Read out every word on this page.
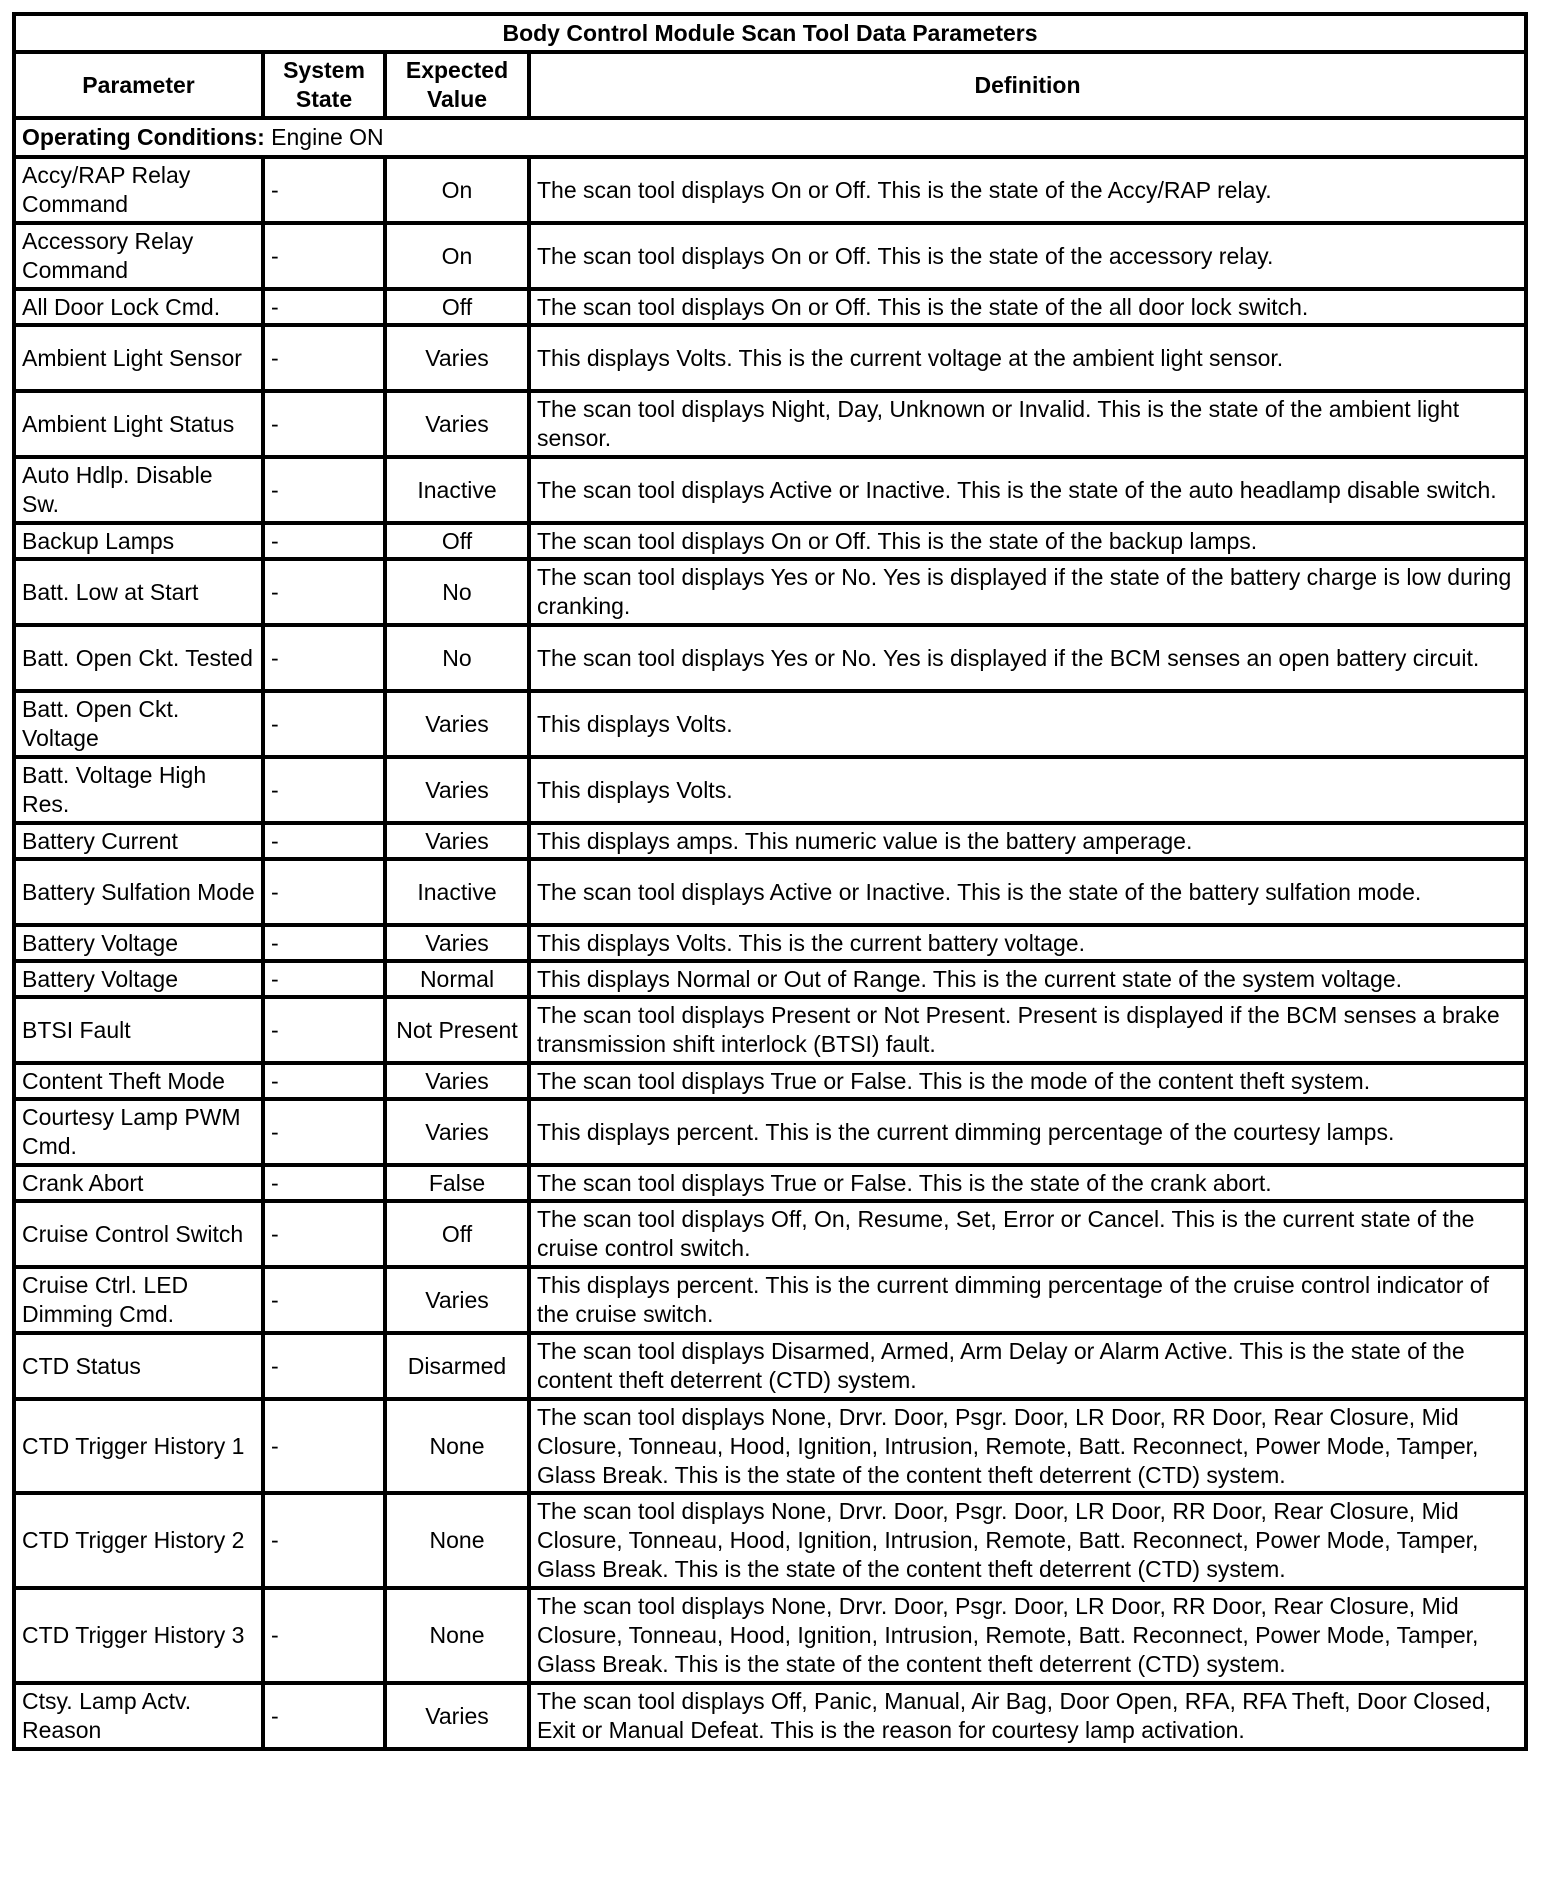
Body Control Module Scan Tool Data Parameters			
Parameter	System State	Expected Value	Definition
Operating Conditions: Engine ON			
Accy/RAP Relay Command	-	On	The scan tool displays On or Off. This is the state of the Accy/RAP relay.
Accessory Relay Command	-	On	The scan tool displays On or Off. This is the state of the accessory relay.
All Door Lock Cmd.	-	Off	The scan tool displays On or Off. This is the state of the all door lock switch.
Ambient Light Sensor	-	Varies	This displays Volts. This is the current voltage at the ambient light sensor.
Ambient Light Status	-	Varies	The scan tool displays Night, Day, Unknown or Invalid. This is the state of the ambient light sensor.
Auto Hdlp. Disable Sw.	-	Inactive	The scan tool displays Active or Inactive. This is the state of the auto headlamp disable switch.
Backup Lamps	-	Off	The scan tool displays On or Off. This is the state of the backup lamps.
Batt. Low at Start	-	No	The scan tool displays Yes or No. Yes is displayed if the state of the battery charge is low during cranking.
Batt. Open Ckt. Tested	-	No	The scan tool displays Yes or No. Yes is displayed if the BCM senses an open battery circuit.
Batt. Open Ckt. Voltage	-	Varies	This displays Volts.
Batt. Voltage High Res.	-	Varies	This displays Volts.
Battery Current	-	Varies	This displays amps. This numeric value is the battery amperage.
Battery Sulfation Mode	-	Inactive	The scan tool displays Active or Inactive. This is the state of the battery sulfation mode.
Battery Voltage	-	Varies	This displays Volts. This is the current battery voltage.
Battery Voltage	-	Normal	This displays Normal or Out of Range. This is the current state of the system voltage.
BTSI Fault	-	Not Present	The scan tool displays Present or Not Present. Present is displayed if the BCM senses a brake transmission shift interlock (BTSI) fault.
Content Theft Mode	-	Varies	The scan tool displays True or False. This is the mode of the content theft system.
Courtesy Lamp PWM Cmd.	-	Varies	This displays percent. This is the current dimming percentage of the courtesy lamps.
Crank Abort	-	False	The scan tool displays True or False. This is the state of the crank abort.
Cruise Control Switch	-	Off	The scan tool displays Off, On, Resume, Set, Error or Cancel. This is the current state of the cruise control switch.
Cruise Ctrl. LED Dimming Cmd.	-	Varies	This displays percent. This is the current dimming percentage of the cruise control indicator of the cruise switch.
CTD Status	-	Disarmed	The scan tool displays Disarmed, Armed, Arm Delay or Alarm Active. This is the state of the content theft deterrent (CTD) system.
CTD Trigger History 1	-	None	The scan tool displays None, Drvr. Door, Psgr. Door, LR Door, RR Door, Rear Closure, Mid Closure, Tonneau, Hood, Ignition, Intrusion, Remote, Batt. Reconnect, Power Mode, Tamper, Glass Break. This is the state of the content theft deterrent (CTD) system.
CTD Trigger History 2	-	None	The scan tool displays None, Drvr. Door, Psgr. Door, LR Door, RR Door, Rear Closure, Mid Closure, Tonneau, Hood, Ignition, Intrusion, Remote, Batt. Reconnect, Power Mode, Tamper, Glass Break. This is the state of the content theft deterrent (CTD) system.
CTD Trigger History 3	-	None	The scan tool displays None, Drvr. Door, Psgr. Door, LR Door, RR Door, Rear Closure, Mid Closure, Tonneau, Hood, Ignition, Intrusion, Remote, Batt. Reconnect, Power Mode, Tamper, Glass Break. This is the state of the content theft deterrent (CTD) system.
Ctsy. Lamp Actv. Reason	-	Varies	The scan tool displays Off, Panic, Manual, Air Bag, Door Open, RFA, RFA Theft, Door Closed, Exit or Manual Defeat. This is the reason for courtesy lamp activation.
